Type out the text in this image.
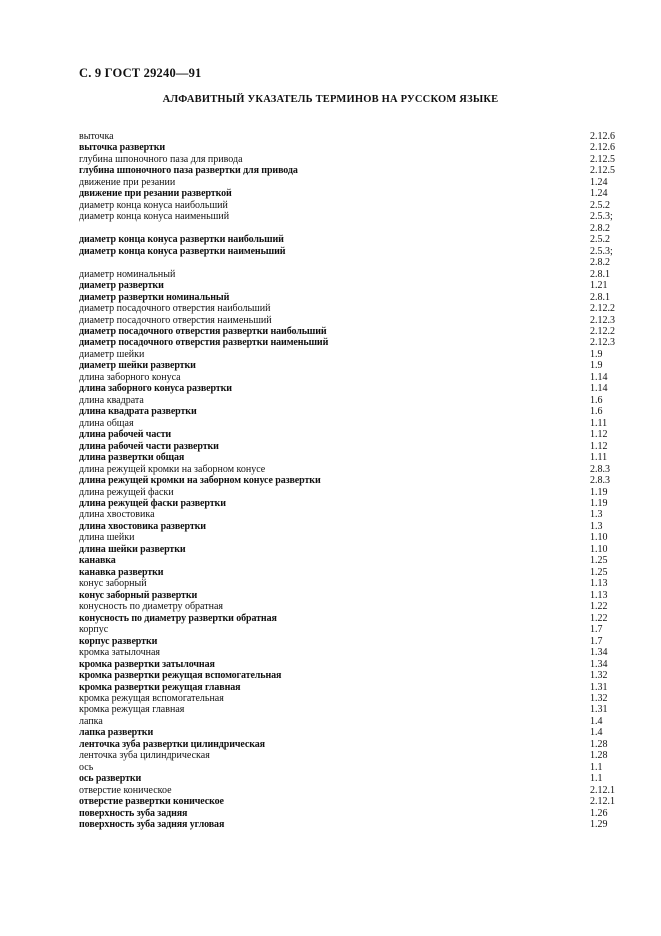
С. 9 ГОСТ 29240—91
АЛФАВИТНЫЙ УКАЗАТЕЛЬ ТЕРМИНОВ НА РУССКОМ ЯЗЫКЕ
выточка	2.12.6
выточка развертки	2.12.6
глубина шпоночного паза для привода	2.12.5
глубина шпоночного паза развертки для привода	2.12.5
движение при резании	1.24
движение при резании разверткой	1.24
диаметр конца конуса наибольший	2.5.2
диаметр конца конуса наименьший	2.5.3;
2.8.2
диаметр конца конуса развертки наибольший	2.5.2
диаметр конца конуса развертки наименьший	2.5.3;
2.8.2
диаметр номинальный	2.8.1
диаметр развертки	1.21
диаметр развертки номинальный	2.8.1
диаметр посадочного отверстия наибольший	2.12.2
диаметр посадочного отверстия наименьший	2.12.3
диаметр посадочного отверстия развертки наибольший	2.12.2
диаметр посадочного отверстия развертки наименьший	2.12.3
диаметр шейки	1.9
диаметр шейки развертки	1.9
длина заборного конуса	1.14
длина заборного конуса развертки	1.14
длина квадрата	1.6
длина квадрата развертки	1.6
длина общая	1.11
длина рабочей части	1.12
длина рабочей части развертки	1.12
длина развертки общая	1.11
длина режущей кромки на заборном конусе	2.8.3
длина режущей кромки на заборном конусе развертки	2.8.3
длина режущей фаски	1.19
длина режущей фаски развертки	1.19
длина хвостовика	1.3
длина хвостовика развертки	1.3
длина шейки	1.10
длина шейки развертки	1.10
канавка	1.25
канавка развертки	1.25
конус заборный	1.13
конус заборный развертки	1.13
конусность по диаметру обратная	1.22
конусность по диаметру развертки обратная	1.22
корпус	1.7
корпус развертки	1.7
кромка затылочная	1.34
кромка развертки затылочная	1.34
кромка развертки режущая вспомогательная	1.32
кромка развертки режущая главная	1.31
кромка режущая вспомогательная	1.32
кромка режущая главная	1.31
лапка	1.4
лапка развертки	1.4
ленточка зуба развертки цилиндрическая	1.28
ленточка зуба цилиндрическая	1.28
ось	1.1
ось развертки	1.1
отверстие коническое	2.12.1
отверстие развертки коническое	2.12.1
поверхность зуба задняя	1.26
поверхность зуба задняя угловая	1.29
